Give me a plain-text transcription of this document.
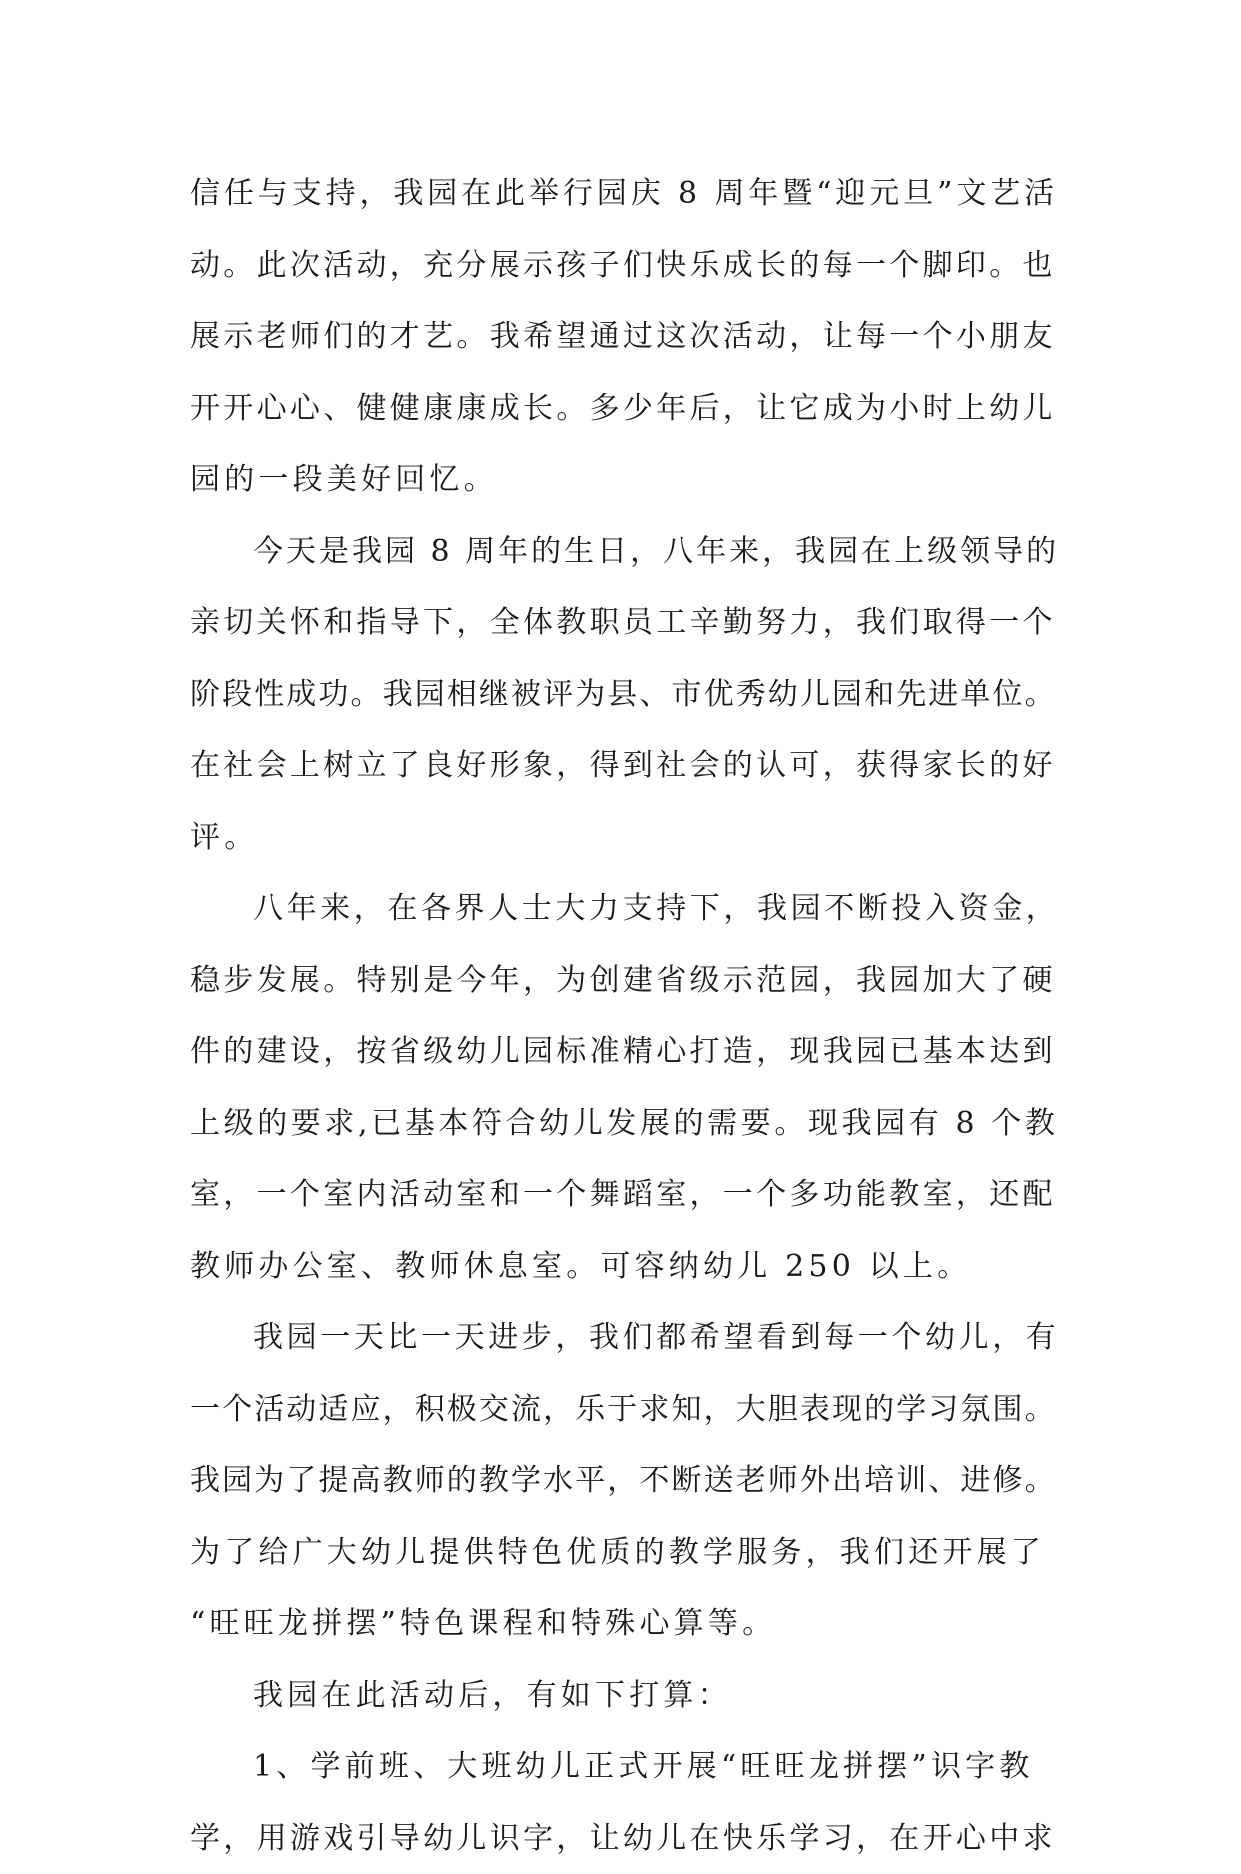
信任与支持，我园在此举行园庆 8 周年暨“迎元旦”文艺活
动。此次活动，充分展示孩子们快乐成长的每一个脚印。也
展示老师们的才艺。我希望通过这次活动，让每一个小朋友
开开心心、健健康康成长。多少年后，让它成为小时上幼儿
园的一段美好回忆。
今天是我园 8 周年的生日，八年来，我园在上级领导的
亲切关怀和指导下，全体教职员工辛勤努力，我们取得一个
阶段性成功。我园相继被评为县、市优秀幼儿园和先进单位。
在社会上树立了良好形象，得到社会的认可，获得家长的好
评。
八年来，在各界人士大力支持下，我园不断投入资金，
稳步发展。特别是今年，为创建省级示范园，我园加大了硬
件的建设，按省级幼儿园标准精心打造，现我园已基本达到
上级的要求,已基本符合幼儿发展的需要。现我园有 8 个教
室，一个室内活动室和一个舞蹈室，一个多功能教室，还配
教师办公室、教师休息室。可容纳幼儿 250 以上。
我园一天比一天进步，我们都希望看到每一个幼儿，有
一个活动适应，积极交流，乐于求知，大胆表现的学习氛围。
我园为了提高教师的教学水平，不断送老师外出培训、进修。
为了给广大幼儿提供特色优质的教学服务，我们还开展了
“旺旺龙拼摆”特色课程和特殊心算等。
我园在此活动后，有如下打算：
1、学前班、大班幼儿正式开展“旺旺龙拼摆”识字教
学，用游戏引导幼儿识字，让幼儿在快乐学习，在开心中求
